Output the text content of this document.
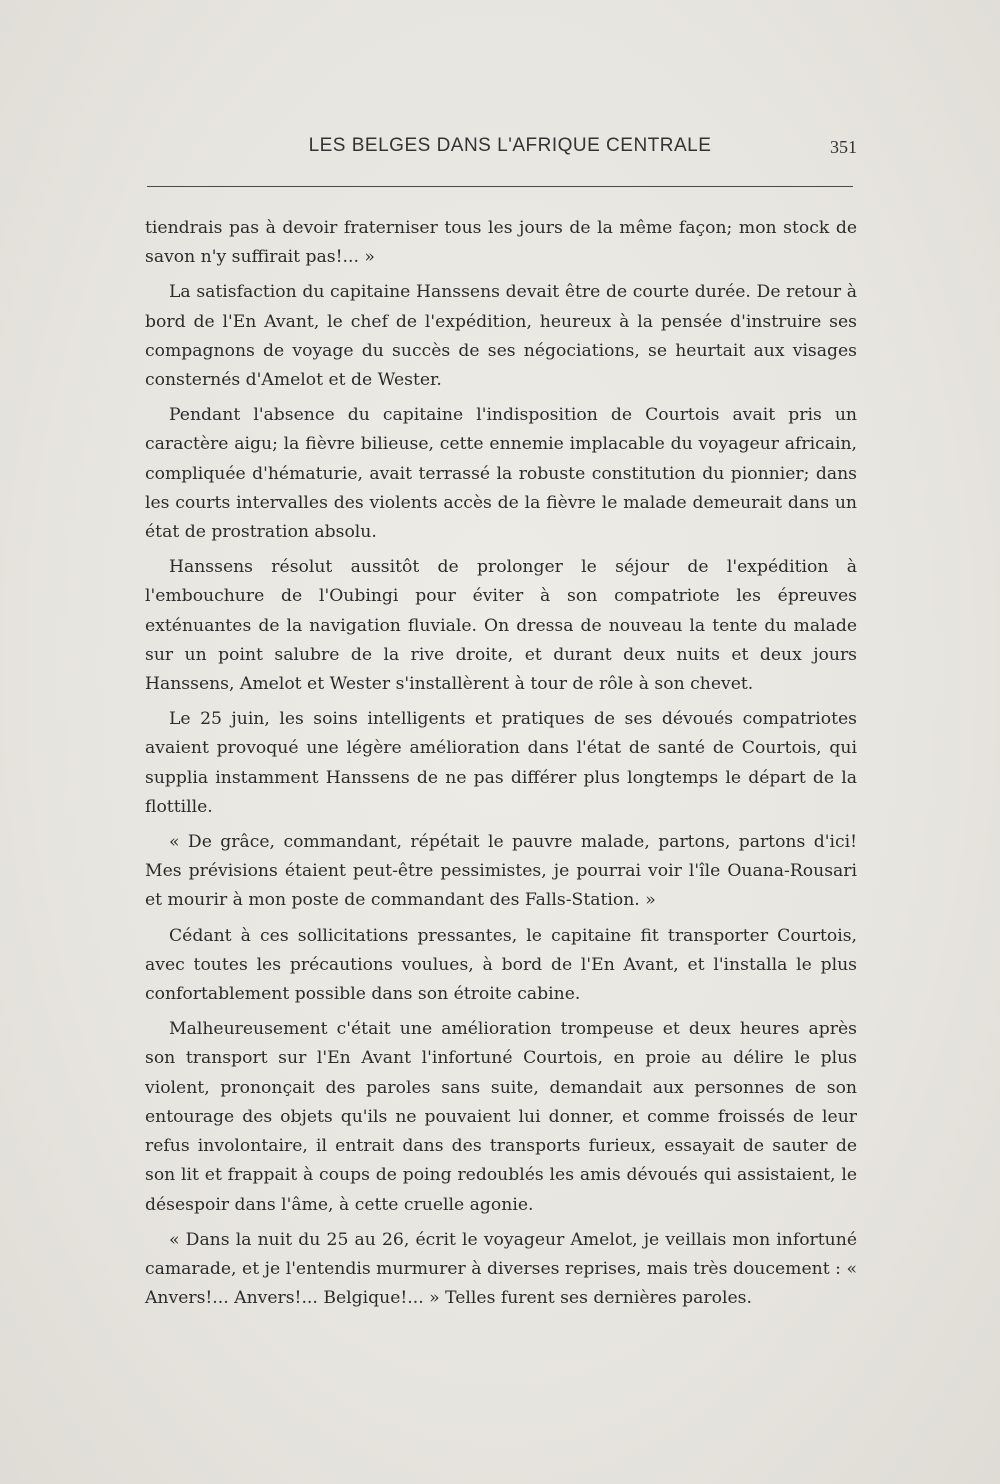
LES BELGES DANS L'AFRIQUE CENTRALE	351

tiendrais pas à devoir fraterniser tous les jours de la même façon; mon stock de savon n'y suffirait pas!... »

La satisfaction du capitaine Hanssens devait être de courte durée. De retour à bord de l'En Avant, le chef de l'expédition, heureux à la pensée d'instruire ses compagnons de voyage du succès de ses négociations, se heurtait aux visages consternés d'Amelot et de Wester.

Pendant l'absence du capitaine l'indisposition de Courtois avait pris un caractère aigu; la fièvre bilieuse, cette ennemie implacable du voyageur africain, compliquée d'hématurie, avait terrassé la robuste constitution du pionnier; dans les courts intervalles des violents accès de la fièvre le malade demeurait dans un état de prostration absolu.

Hanssens résolut aussitôt de prolonger le séjour de l'expédition à l'embouchure de l'Oubingi pour éviter à son compatriote les épreuves exténuantes de la navigation fluviale. On dressa de nouveau la tente du malade sur un point salubre de la rive droite, et durant deux nuits et deux jours Hanssens, Amelot et Wester s'installèrent à tour de rôle à son chevet.

Le 25 juin, les soins intelligents et pratiques de ses dévoués compatriotes avaient provoqué une légère amélioration dans l'état de santé de Courtois, qui supplia instamment Hanssens de ne pas différer plus longtemps le départ de la flottille.

« De grâce, commandant, répétait le pauvre malade, partons, partons d'ici! Mes prévisions étaient peut-être pessimistes, je pourrai voir l'île Ouana-Rousari et mourir à mon poste de commandant des Falls-Station. »

Cédant à ces sollicitations pressantes, le capitaine fit transporter Courtois, avec toutes les précautions voulues, à bord de l'En Avant, et l'installa le plus confortablement possible dans son étroite cabine.

Malheureusement c'était une amélioration trompeuse et deux heures après son transport sur l'En Avant l'infortuné Courtois, en proie au délire le plus violent, prononçait des paroles sans suite, demandait aux personnes de son entourage des objets qu'ils ne pouvaient lui donner, et comme froissés de leur refus involontaire, il entrait dans des transports furieux, essayait de sauter de son lit et frappait à coups de poing redoublés les amis dévoués qui assistaient, le désespoir dans l'âme, à cette cruelle agonie.

« Dans la nuit du 25 au 26, écrit le voyageur Amelot, je veillais mon infortuné camarade, et je l'entendis murmurer à diverses reprises, mais très doucement : « Anvers!... Anvers!... Belgique!... » Telles furent ses dernières paroles.
